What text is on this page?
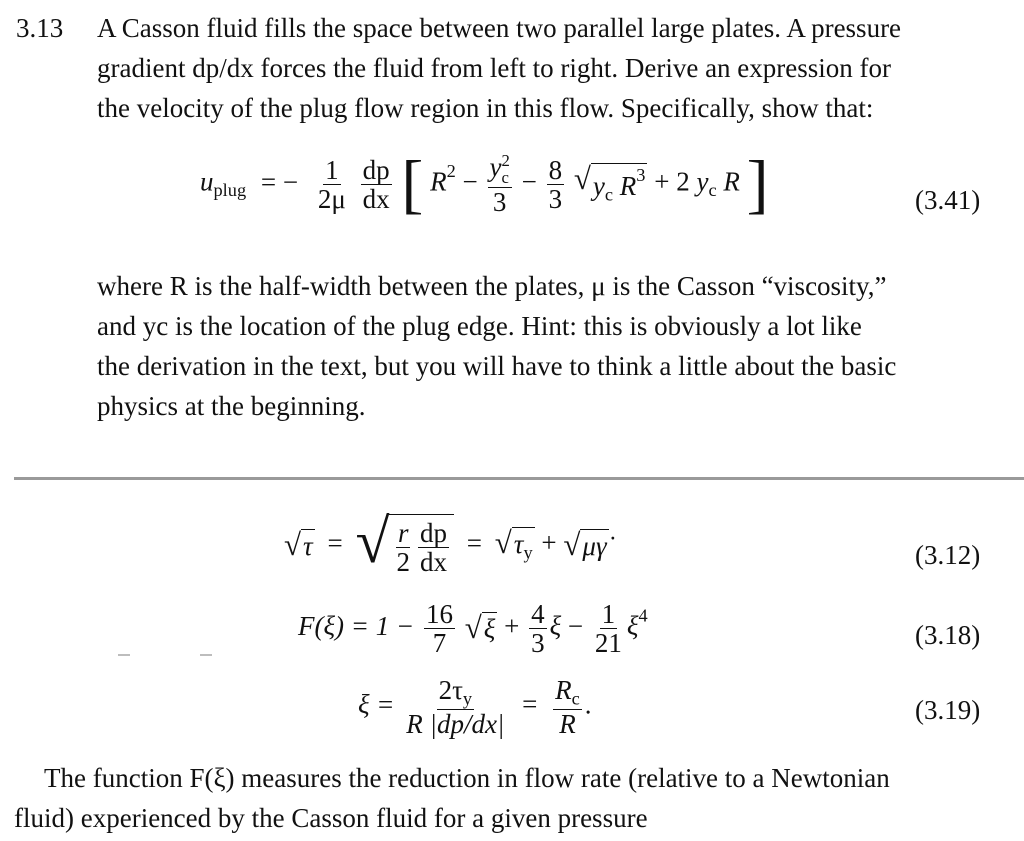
3.13 A Casson fluid fills the space between two parallel large plates. A pressure
gradient dp/dx forces the fluid from left to right. Derive an expression for
the velocity of the plug flow region in this flow. Specifically, show that:
$u_{plug}$ = − $\frac{1}{2\mu}$
$\frac{dp}{dx}$ [ $R^2 - y$ 2
c
$3 - \frac{8}{3}$
√ $y_c$ $R^3 + 2$ $y_c$ R ]	(3.41)
where R is the half-width between the plates, μ is the Casson “viscosity,”
and yc is the location of the plug edge. Hint: this is obviously a lot like
the derivation in the text, but you will have to think a little about the basic
physics at the beginning.
√ τ = √ $\frac{r}{2} \frac{dp}{dx}$ = √ $\tau_y$ + √ μγ̇	(3.12)
$F(\xi) = 1 - \frac{16}{7}$
√ $\xi + \frac{4}{3}$ $\xi - \frac{1}{21} \xi^4$
(3.18)
$\xi = \frac{2\tau_y}{R |dp/dx|} = \frac{R_c}{R}$ .	(3.19)
The function F(ξ) measures the reduction in flow rate (relative to a Newtonian
fluid) experienced by the Casson fluid for a given pressure
